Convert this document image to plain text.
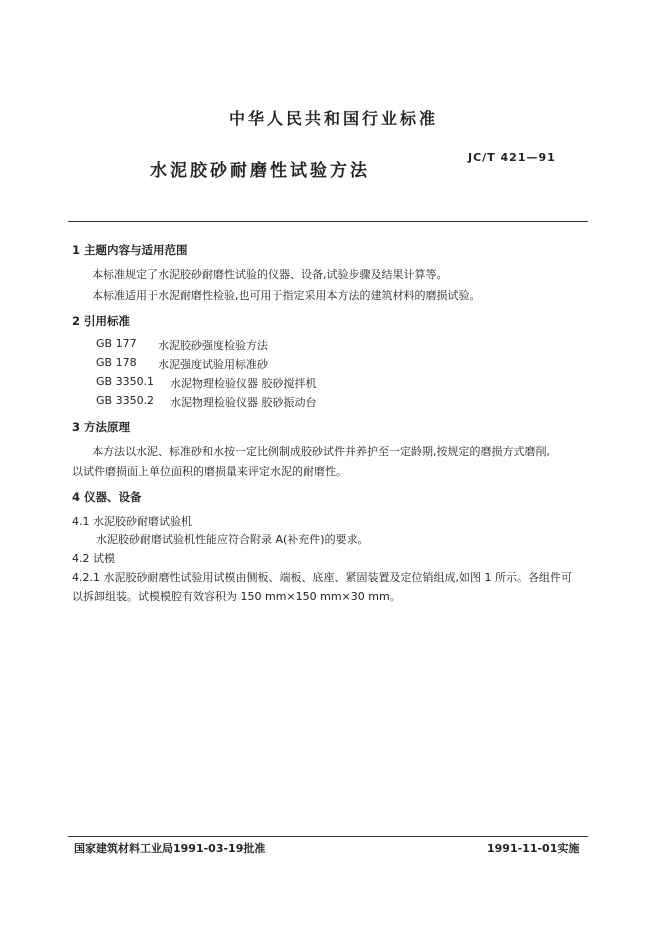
中华人民共和国行业标准
水泥胶砂耐磨性试验方法
JC/T 421—91
1 主题内容与适用范围
本标准规定了水泥胶砂耐磨性试验的仪器、设备,试验步骤及结果计算等。
本标准适用于水泥耐磨性检验,也可用于指定采用本方法的建筑材料的磨损试验。
2 引用标准
GB 177 水泥胶砂强度检验方法
GB 178 水泥强度试验用标准砂
GB 3350.1 水泥物理检验仪器 胶砂搅拌机
GB 3350.2 水泥物理检验仪器 胶砂振动台
3 方法原理
本方法以水泥、标准砂和水按一定比例制成胶砂试件并养护至一定龄期,按规定的磨损方式磨削,
以试件磨损面上单位面积的磨损量来评定水泥的耐磨性。
4 仪器、设备
4.1 水泥胶砂耐磨试验机
水泥胶砂耐磨试验机性能应符合附录 A(补充件)的要求。
4.2 试模
4.2.1 水泥胶砂耐磨性试验用试模由侧板、端板、底座、紧固装置及定位销组成,如图 1 所示。各组件可
以拆卸组装。试模模腔有效容积为 150 mm×150 mm×30 mm。
国家建筑材料工业局1991-03-19批准	1991-11-01实施
